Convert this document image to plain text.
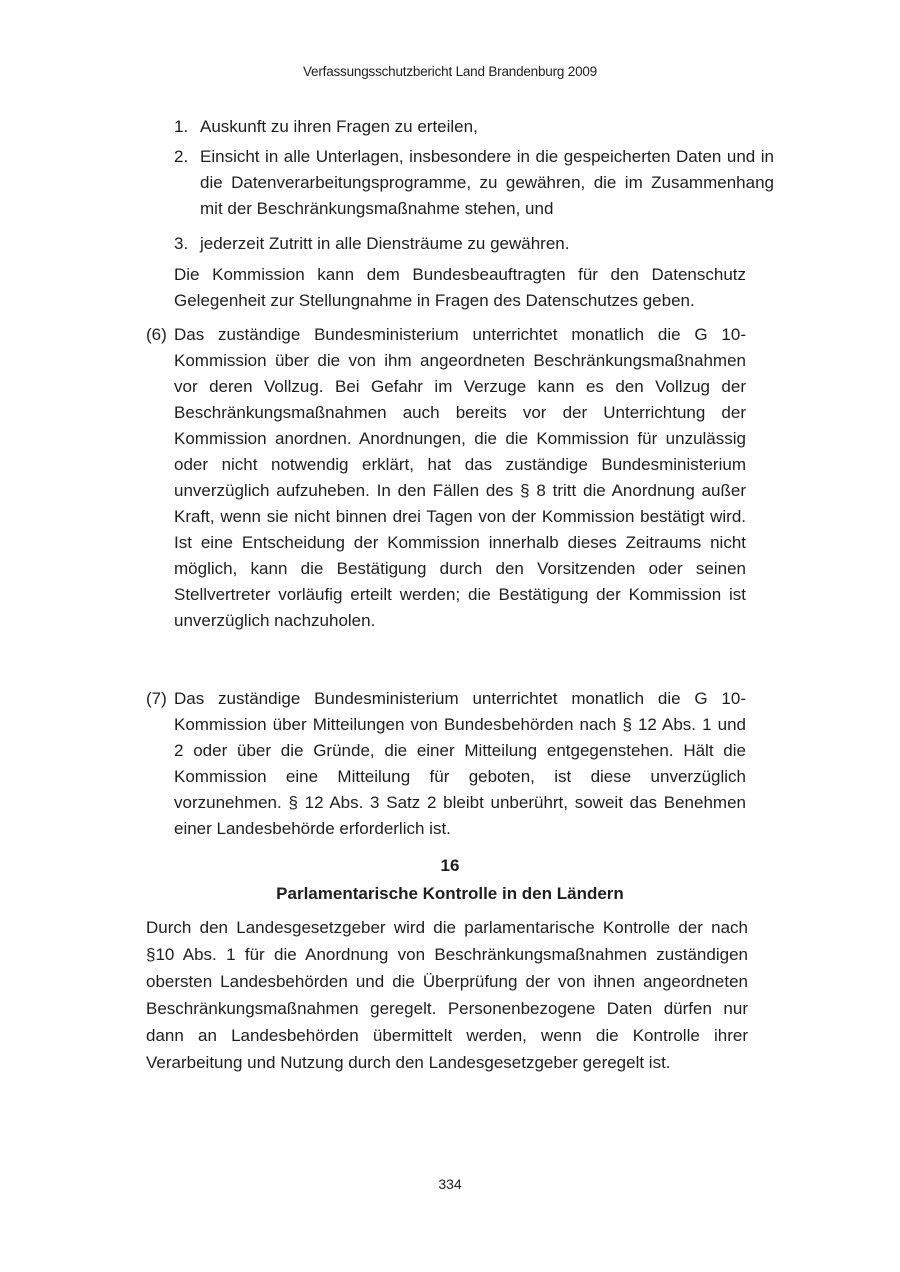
Verfassungsschutzbericht Land Brandenburg 2009

1. Auskunft zu ihren Fragen zu erteilen,

2. Einsicht in alle Unterlagen, insbesondere in die gespeicherten Daten und in die Datenverarbeitungsprogramme, zu gewähren, die im Zusammenhang mit der Beschränkungsmaßnahme stehen, und

3. jederzeit Zutritt in alle Diensträume zu gewähren.

Die Kommission kann dem Bundesbeauftragten für den Datenschutz Gelegenheit zur Stellungnahme in Fragen des Datenschutzes geben.

(6) Das zuständige Bundesministerium unterrichtet monatlich die G 10-Kommission über die von ihm angeordneten Beschränkungsmaßnahmen vor deren Vollzug. Bei Gefahr im Verzuge kann es den Vollzug der Beschränkungsmaßnahmen auch bereits vor der Unterrichtung der Kommission anordnen. Anordnungen, die die Kommission für unzulässig oder nicht notwendig erklärt, hat das zuständige Bundesministerium unverzüglich aufzuheben. In den Fällen des § 8 tritt die Anordnung außer Kraft, wenn sie nicht binnen drei Tagen von der Kommission bestätigt wird. Ist eine Entscheidung der Kommission innerhalb dieses Zeitraums nicht möglich, kann die Bestätigung durch den Vorsitzenden oder seinen Stellvertreter vorläufig erteilt werden; die Bestätigung der Kommission ist unverzüglich nachzuholen.

(7) Das zuständige Bundesministerium unterrichtet monatlich die G 10-Kommission über Mitteilungen von Bundesbehörden nach § 12 Abs. 1 und 2 oder über die Gründe, die einer Mitteilung entgegenstehen. Hält die Kommission eine Mitteilung für geboten, ist diese unverzüglich vorzunehmen. § 12 Abs. 3 Satz 2 bleibt unberührt, soweit das Benehmen einer Landesbehörde erforderlich ist.

16
Parlamentarische Kontrolle in den Ländern

Durch den Landesgesetzgeber wird die parlamentarische Kontrolle der nach §10 Abs. 1 für die Anordnung von Beschränkungsmaßnahmen zuständigen obersten Landesbehörden und die Überprüfung der von ihnen angeordneten Beschränkungsmaßnahmen geregelt. Personenbezogene Daten dürfen nur dann an Landesbehörden übermittelt werden, wenn die Kontrolle ihrer Verarbeitung und Nutzung durch den Landesgesetzgeber geregelt ist.

334
